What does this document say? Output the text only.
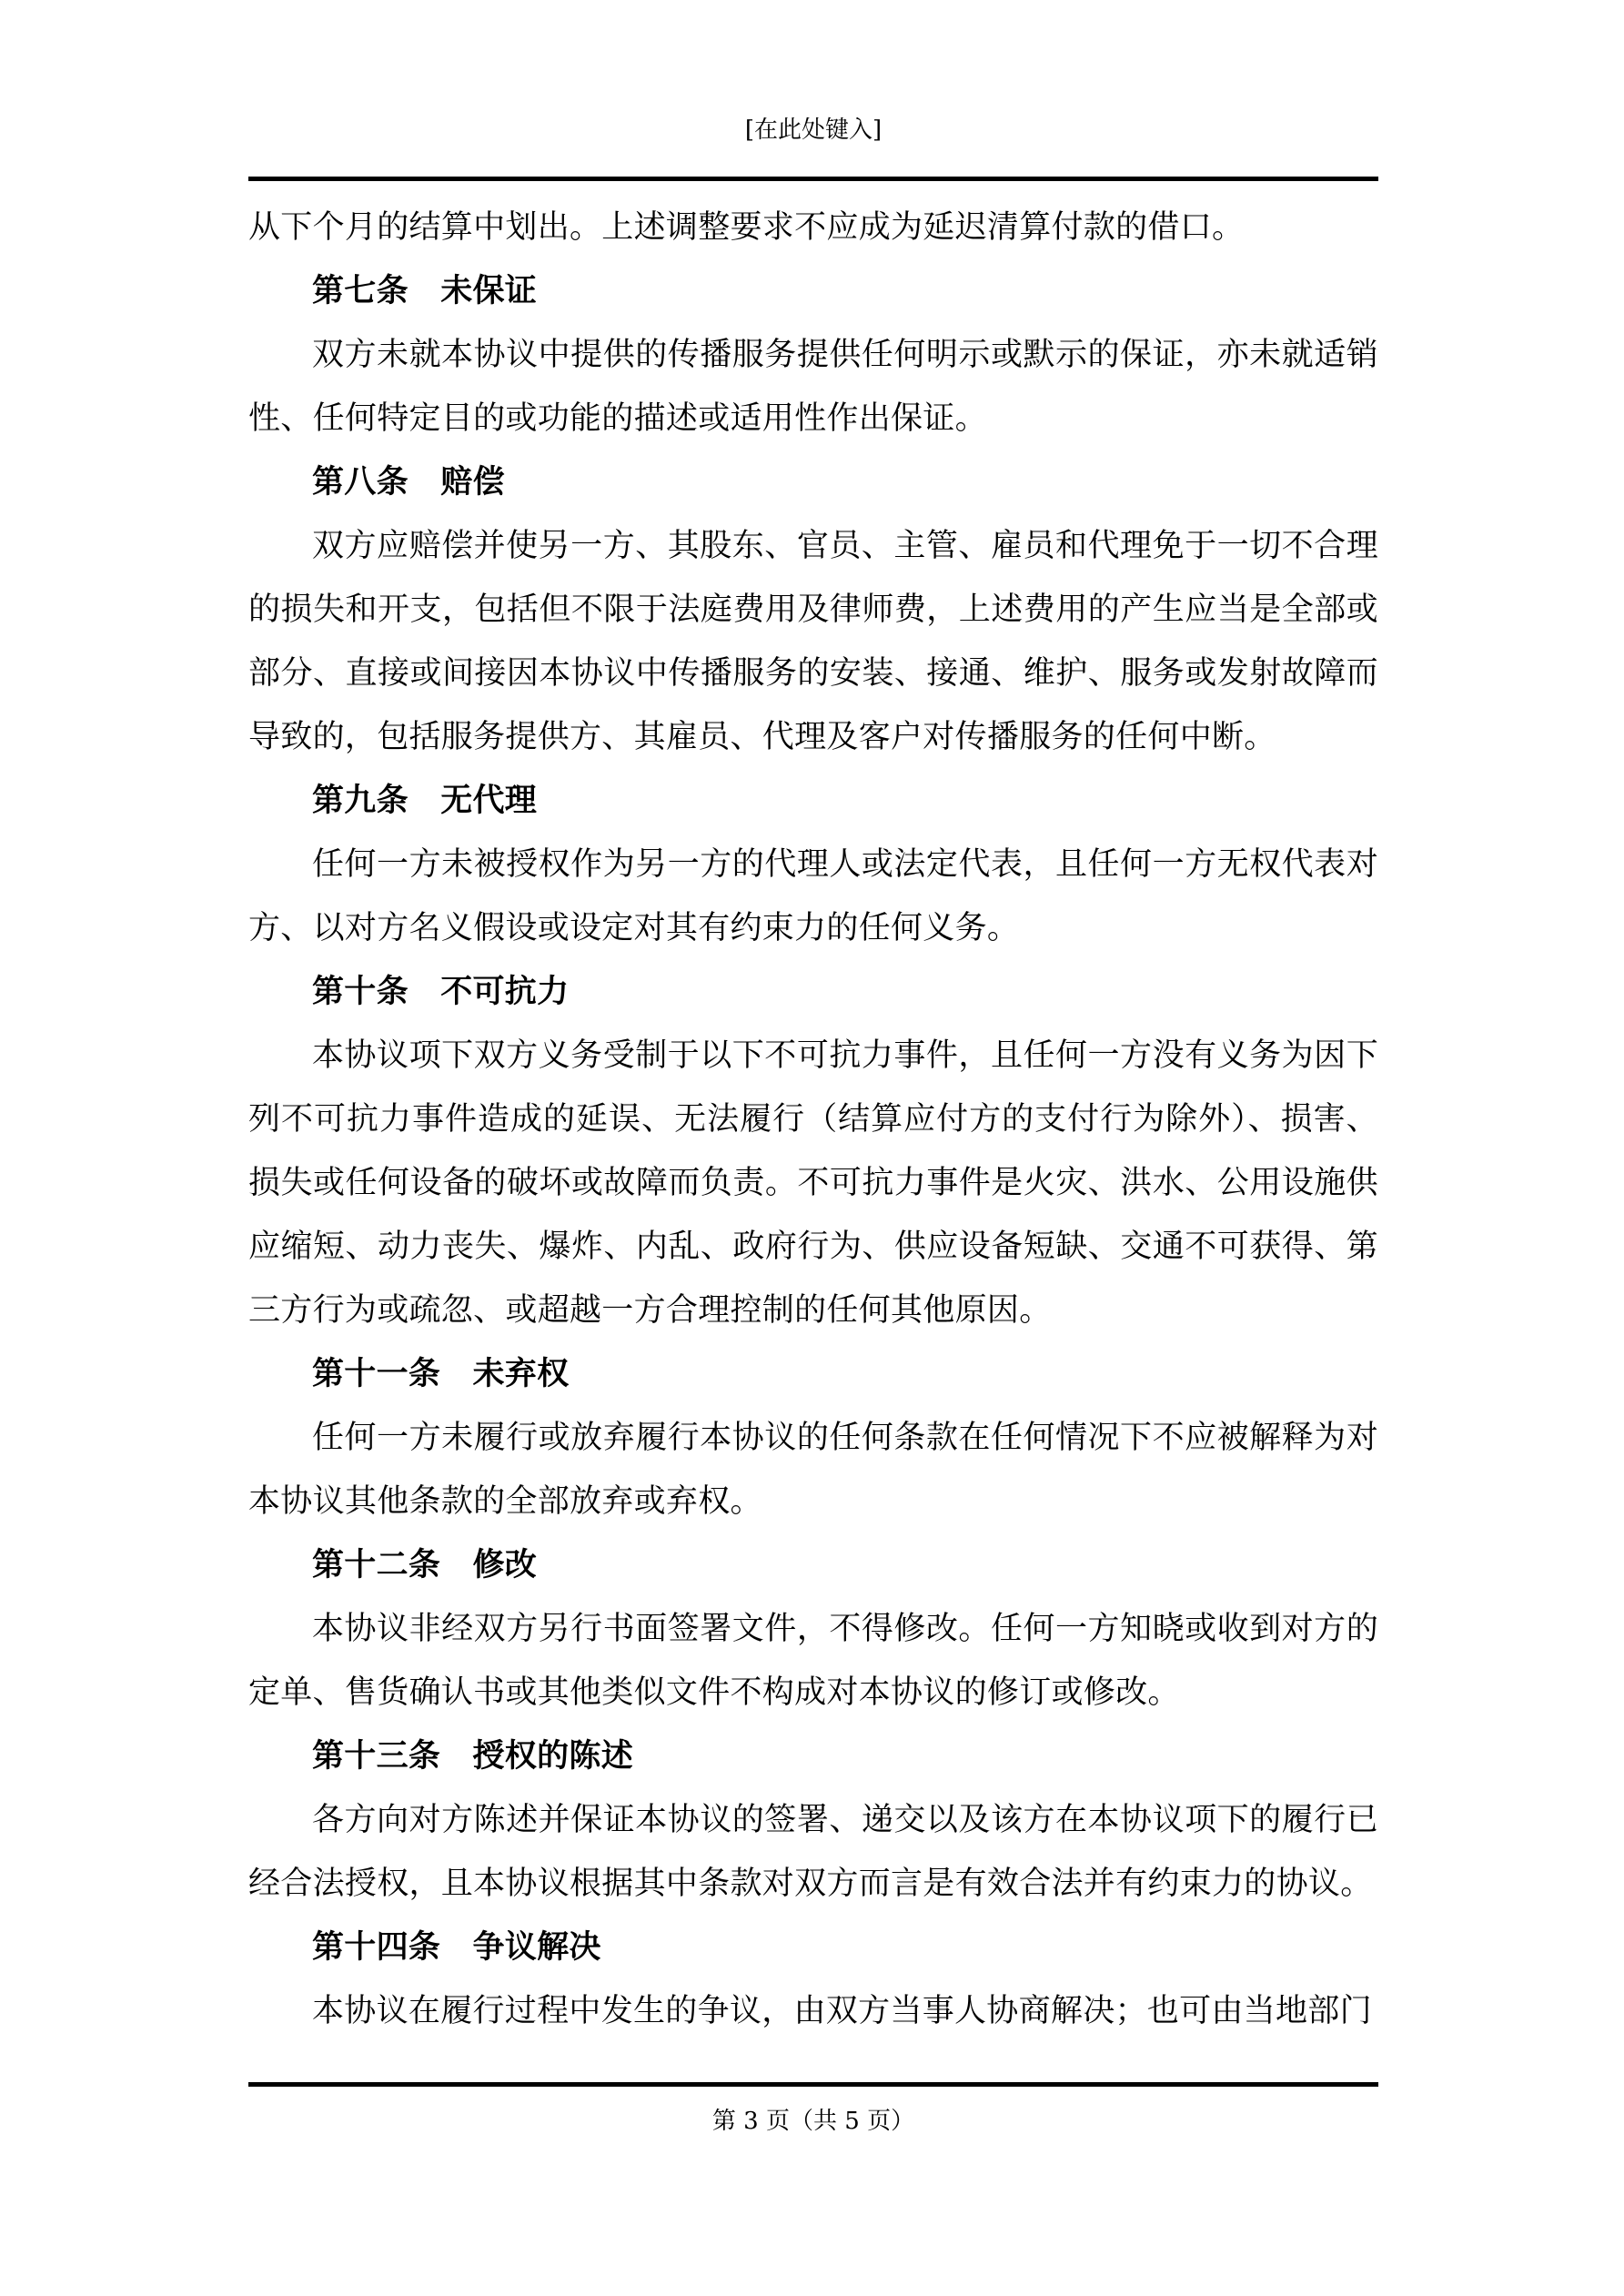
[在此处键入]

从下个月的结算中划出。上述调整要求不应成为延迟清算付款的借口。

第七条　未保证

双方未就本协议中提供的传播服务提供任何明示或默示的保证，亦未就适销性、任何特定目的或功能的描述或适用性作出保证。

第八条　赔偿

双方应赔偿并使另一方、其股东、官员、主管、雇员和代理免于一切不合理的损失和开支，包括但不限于法庭费用及律师费，上述费用的产生应当是全部或部分、直接或间接因本协议中传播服务的安装、接通、维护、服务或发射故障而导致的，包括服务提供方、其雇员、代理及客户对传播服务的任何中断。

第九条　无代理

任何一方未被授权作为另一方的代理人或法定代表，且任何一方无权代表对方、以对方名义假设或设定对其有约束力的任何义务。

第十条　不可抗力

本协议项下双方义务受制于以下不可抗力事件，且任何一方没有义务为因下列不可抗力事件造成的延误、无法履行（结算应付方的支付行为除外）、损害、损失或任何设备的破坏或故障而负责。不可抗力事件是火灾、洪水、公用设施供应缩短、动力丧失、爆炸、内乱、政府行为、供应设备短缺、交通不可获得、第三方行为或疏忽、或超越一方合理控制的任何其他原因。

第十一条　未弃权

任何一方未履行或放弃履行本协议的任何条款在任何情况下不应被解释为对本协议其他条款的全部放弃或弃权。

第十二条　修改

本协议非经双方另行书面签署文件，不得修改。任何一方知晓或收到对方的定单、售货确认书或其他类似文件不构成对本协议的修订或修改。

第十三条　授权的陈述

各方向对方陈述并保证本协议的签署、递交以及该方在本协议项下的履行已经合法授权，且本协议根据其中条款对双方而言是有效合法并有约束力的协议。

第十四条　争议解决

本协议在履行过程中发生的争议，由双方当事人协商解决；也可由当地部门

第 3 页（共 5 页）
